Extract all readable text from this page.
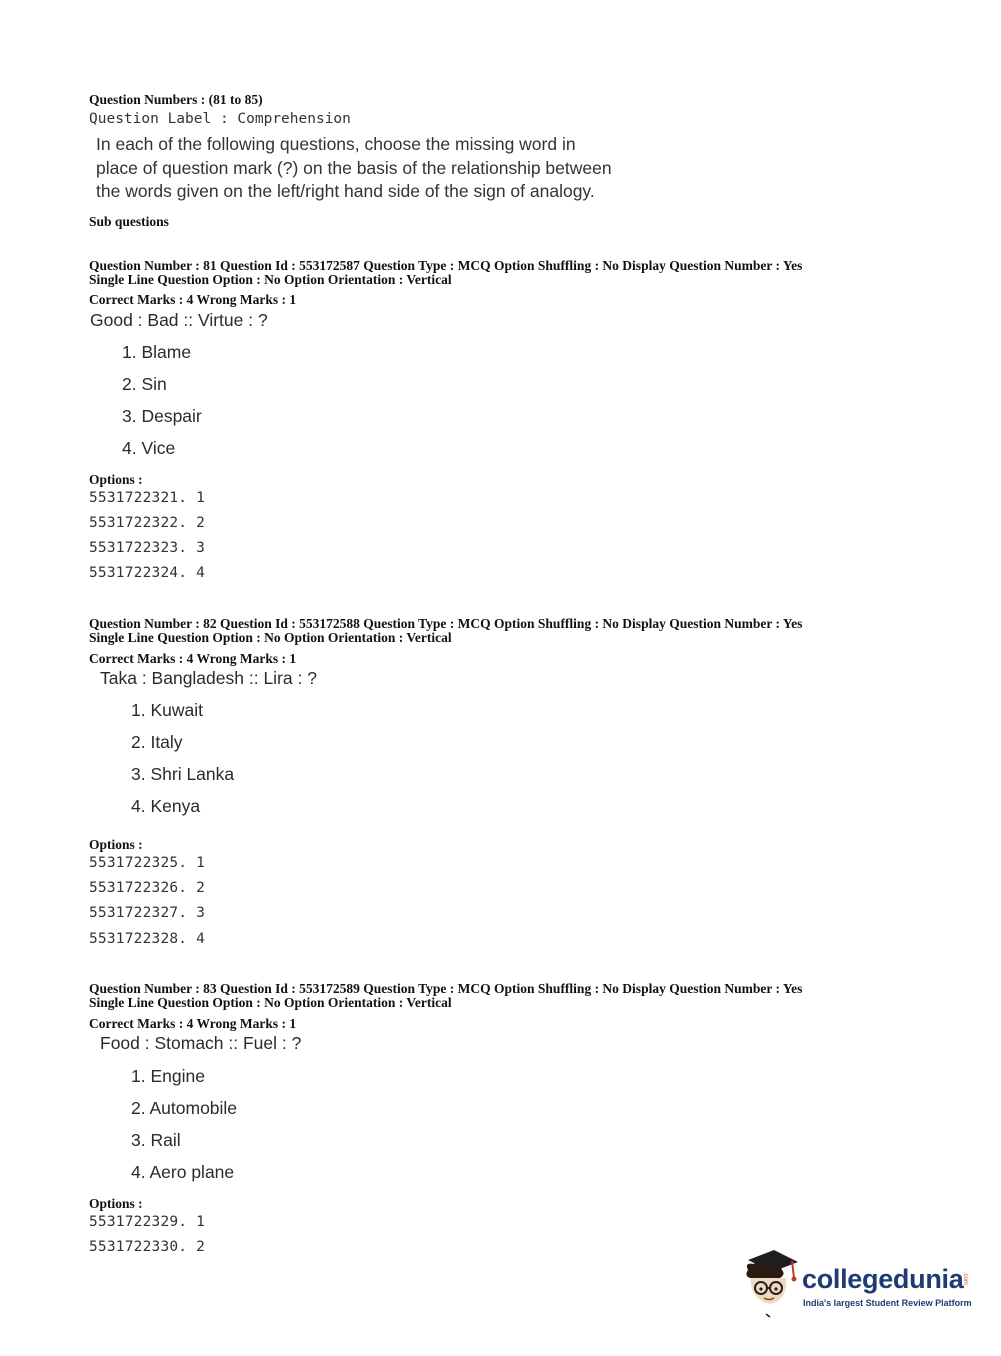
Question Numbers : (81 to 85)
Question Label : Comprehension
In each of the following questions, choose the missing word in
place of question mark (?) on the basis of the relationship between
the words given on the left/right hand side of the sign of analogy.
Sub questions
Question Number : 81 Question Id : 553172587 Question Type : MCQ Option Shuffling : No Display Question Number : Yes
Single Line Question Option : No Option Orientation : Vertical
Correct Marks : 4 Wrong Marks : 1
Good : Bad :: Virtue : ?
1. Blame
2. Sin
3. Despair
4. Vice
Options :
5531722321. 1
5531722322. 2
5531722323. 3
5531722324. 4
Question Number : 82 Question Id : 553172588 Question Type : MCQ Option Shuffling : No Display Question Number : Yes
Single Line Question Option : No Option Orientation : Vertical
Correct Marks : 4 Wrong Marks : 1
Taka : Bangladesh :: Lira : ?
1. Kuwait
2. Italy
3. Shri Lanka
4. Kenya
Options :
5531722325. 1
5531722326. 2
5531722327. 3
5531722328. 4
Question Number : 83 Question Id : 553172589 Question Type : MCQ Option Shuffling : No Display Question Number : Yes
Single Line Question Option : No Option Orientation : Vertical
Correct Marks : 4 Wrong Marks : 1
Food : Stomach :: Fuel : ?
1. Engine
2. Automobile
3. Rail
4. Aero plane
Options :
5531722329. 1
5531722330. 2
collegedunia
.com
India's largest Student Review Platform
